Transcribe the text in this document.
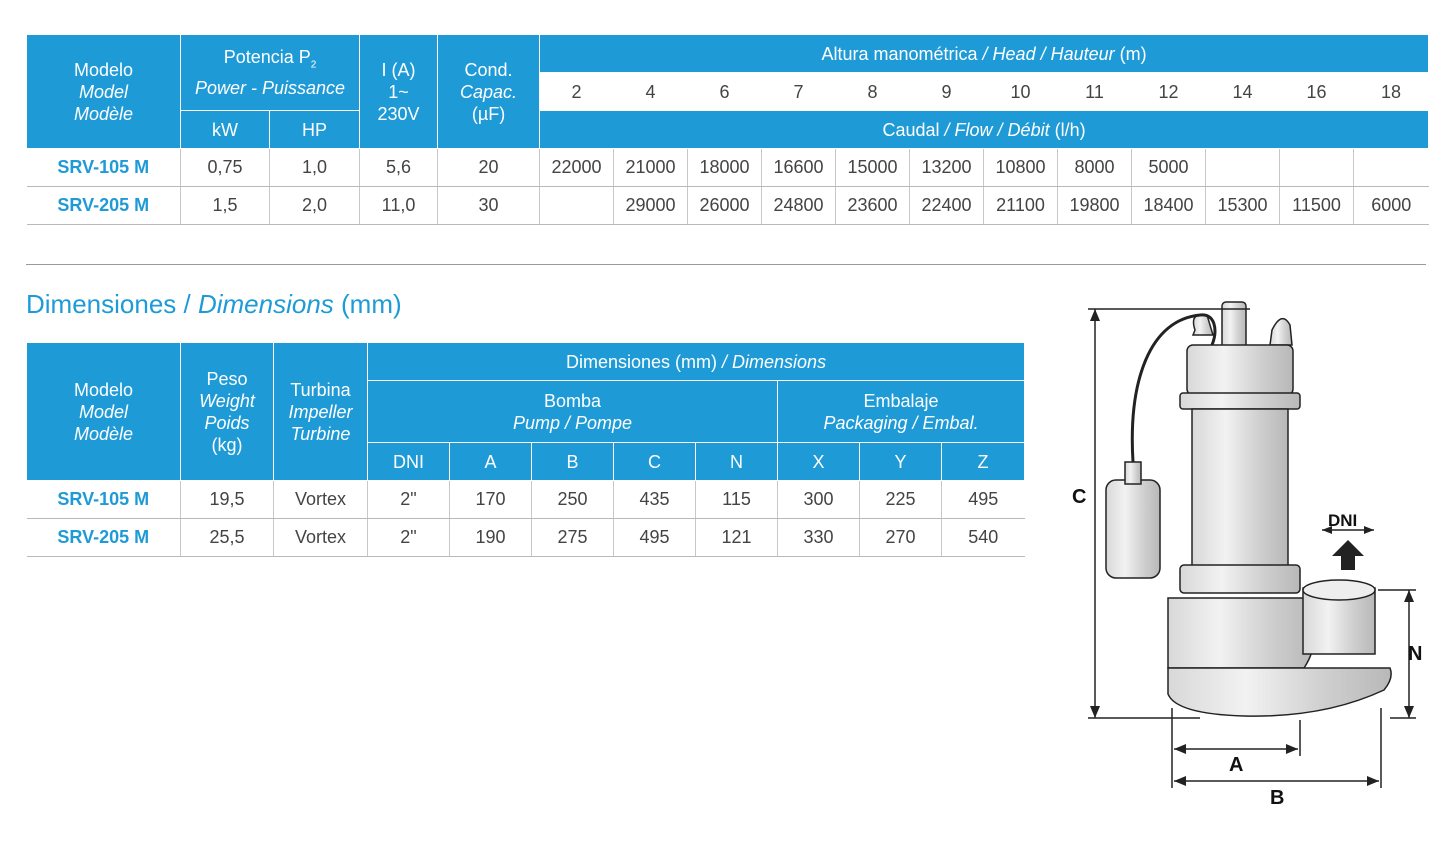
Modelo
Model
Modèle	Potencia $P_2$
Power - Puissance		I (A)
1~
230V	Cond.
Capac.
(µF)	Altura manométrica / Head / Hauteur (m)											
					2	4	6	7	8	9	10	11	12	14	16	18
	kW	HP			Caudal / Flow / Débit (l/h)											
SRV-105 M	0,75	1,0	5,6	20	22000	21000	18000	16600	15000	13200	10800	8000	5000			
SRV-205 M	1,5	2,0	11,0	30		29000	26000	24800	23600	22400	21100	19800	18400	15300	11500	6000
Dimensiones / Dimensions (mm)
Modelo
Model
Modèle	Peso
Weight
Poids
(kg)	Turbina
Impeller
Turbine	Dimensiones (mm) / Dimensions							
			Bomba
Pump / Pompe					Embalaje
Packaging / Embal.		
			DNI	A	B	C	N	X	Y	Z
SRV-105 M	19,5	Vortex	2"	170	250	435	115	300	225	495
SRV-205 M	25,5	Vortex	2"	190	275	495	121	330	270	540
C
DNI
N
A
B
